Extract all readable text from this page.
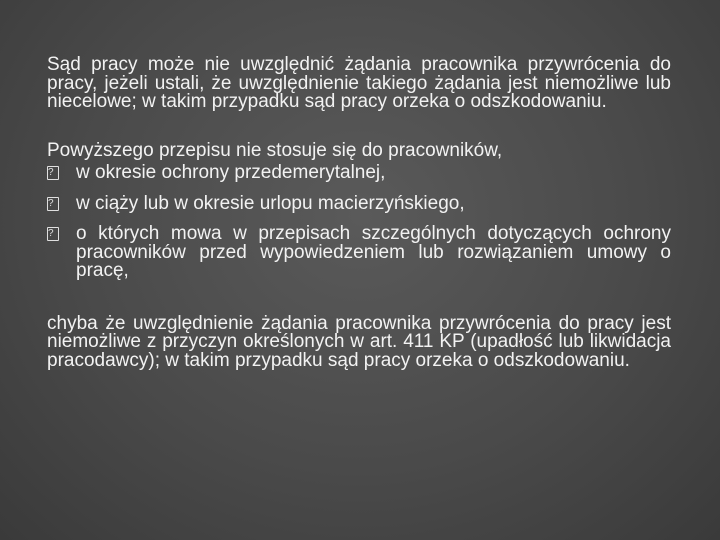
Sąd pracy może nie uwzględnić żądania pracownika przywrócenia do pracy, jeżeli ustali, że uwzględnienie takiego żądania jest niemożliwe lub niecelowe; w takim przypadku sąd pracy orzeka o odszkodowaniu.

Powyższego przepisu nie stosuje się do pracowników,

? w okresie ochrony przedemerytalnej,
? w ciąży lub w okresie urlopu macierzyńskiego,
? o których mowa w przepisach szczególnych dotyczących ochrony pracowników przed wypowiedzeniem lub rozwiązaniem umowy o pracę,

chyba że uwzględnienie żądania pracownika przywrócenia do pracy jest niemożliwe z przyczyn określonych w art. 411 KP (upadłość lub likwidacja pracodawcy); w takim przypadku sąd pracy orzeka o odszkodowaniu.
